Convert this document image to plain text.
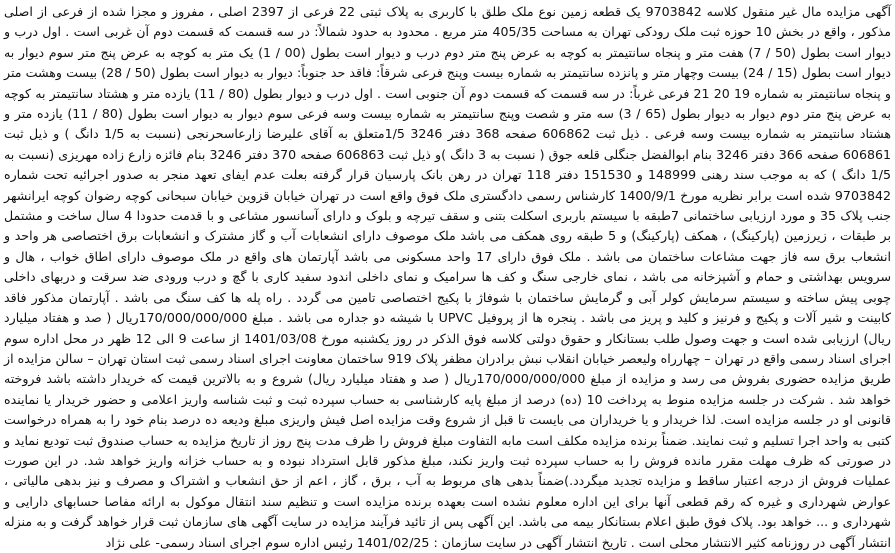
آگهی مزایده مال غیر منقول کلاسه 9703842 یک قطعه زمین نوع ملک طلق با کاربری به پلاک ثبتی 22 فرعی از 2397 اصلی ، مفروز و مجزا شده از فرعی از اصلی مذکور ، واقع در بخش 10 حوزه ثبت ملک رودکی تهران به مساحت 405/35 متر مربع . محدود به حدود شمالاً: در سه قسمت که قسمت دوم آن غربی است . اول درب و دیوار است بطول (50 / 7) هفت متر و پنجاه سانتیمتر به کوچه به عرض پنج متر دوم درب و دیوار است بطول (00 / 1) یک متر به کوچه به عرض پنج متر سوم دیوار به دیوار است بطول (15 / 24) بیست وچهار متر و پانزده سانتیمتر به شماره بیست وپنج فرعی شرقاً: فاقد حد جنوباً: دیوار به دیوار است بطول (50 / 28) بیست وهشت متر و پنجاه سانتیمتر به شماره 19 20 21 فرعی غرباً: در سه قسمت که قسمت دوم آن جنوبی است . اول درب و دیوار بطول (80 / 11) یازده متر و هشتاد سانتیمتر به کوچه به عرض پنج متر دوم دیوار به دیوار بطول (65 / 3) سه متر و شصت وپنج سانتیمتر به شماره بیست وسه فرعی سوم دیوار به دیوار است بطول (80 / 11) یازده متر و هشتاد سانتیمتر به شماره بیست وسه فرعی . ذیل ثبت 606862 صفحه 368 دفتر 3246 1/5متعلق به آقای علیرضا زارعاسحرنجی (نسبت به 1/5 دانگ ) و ذیل ثبت 606861 صفحه 366 دفتر 3246 بنام ابوالفضل جنگلی قلعه جوق ( نسبت به 3 دانگ )و ذیل ثبت 606863 صفحه 370 دفتر 3246 بنام فائزه زارع زاده مهریزی (نسبت به 1/5 دانگ ) که به موجب سند رهنی 148999 و 151530 دفتر 118 تهران در رهن بانک پارسیان قرار گرفته بعلت عدم ایفای تعهد منجر به صدور اجرائیه تحت شماره 9703842 شده است برابر نظریه مورخ 1400/9/1 کارشناس رسمی دادگستری ملک فوق واقع است در تهران خیابان قزوین خیابان سبحانی کوچه رضوان کوچه ایرانشهر جنب پلاک 35 و مورد ارزیابی ساختمانی 7طبقه با سیستم باربری اسکلت بتنی و سقف تیرچه و بلوک و دارای آسانسور مشاعی و با قدمت حدودا 4 سال ساخت و مشتمل بر طبقات ، زیرزمین (پارکینگ) ، همکف (پارکینگ) و 5 طبقه روی همکف می باشد ملک موصوف دارای انشعابات آب و گاز مشترک و انشعابات برق اختصاصی هر واحد و انشعاب برق سه فاز جهت مشاعات ساختمان می باشد . ملک فوق دارای 17 واحد مسکونی می باشد آپارتمان های واقع در ملک موصوف دارای اطاق خواب ، هال و سرویس بهداشتی و حمام و آشپزخانه می باشد ، نمای خارجی سنگ و کف ها سرامیک و نمای داخلی اندود سفید کاری با گچ و درب ورودی ضد سرقت و دربهای داخلی چوبی پیش ساخته و سیستم سرمایش کولر آبی و گرمایش ساختمان با شوفاژ با پکیج اختصاصی تامین می گردد . راه پله ها کف سنگ می باشد . آپارتمان مذکور فاقد کابینت و شیر آلات و پکیج و فرنیز و کلید و پریز می باشد . پنجره ها از پروفیل UPVC با شیشه دو جداره می باشد . مبلغ 170/000/000/000ریال ( صد و هفتاد میلیارد ریال) ارزیابی شده است و جهت وصول طلب بستانکار و حقوق دولتی کلاسه فوق الذکر در روز یکشنبه مورخ 1401/03/08 از ساعت 9 الی 12 ظهر در محل اداره سوم اجرای اسناد رسمی واقع در تهران – چهارراه ولیعصر خیابان انقلاب نبش برادران مظفر پلاک 919 ساختمان معاونت اجرای اسناد رسمی ثبت استان تهران – سالن مزایده از طریق مزایده حضوری بفروش می رسد و مزایده از مبلغ 170/000/000/000ریال ( صد و هفتاد میلیارد ریال) شروع و به بالاترین قیمت که خریدار داشته باشد فروخته خواهد شد . شرکت در جلسه مزایده منوط به پرداخت 10 (ده) درصد از مبلغ پایه کارشناسی به حساب سپرده ثبت و ثبت شناسه واریز اعلامی و حضور خریدار یا نماینده قانونی او در جلسه مزایده است. لذا خریدار و یا خریداران می بایست تا قبل از شروع وقت مزایده اصل فیش واریزی مبلغ ودیعه ده درصد بنام خود را به همراه درخواست کتبی به واحد اجرا تسلیم و ثبت نمایند. ضمناً برنده مزایده مکلف است مابه التفاوت مبلغ فروش را ظرف مدت پنج روز از تاریخ مزایده به حساب صندوق ثبت تودیع نماید و در صورتی که ظرف مهلت مقرر مانده فروش را به حساب سپرده ثبت واریز نکند، مبلغ مذکور قابل استرداد نبوده و به حساب خزانه واریز خواهد شد. در این صورت عملیات فروش از درجه اعتبار ساقط و مزایده تجدید میگردد.)ضمناً بدهی های مربوط به آب ، برق ، گاز ، اعم از حق انشعاب و اشتراک و مصرف و نیز بدهی مالیاتی ، عوارض شهرداری و غیره که رقم قطعی آنها برای این اداره معلوم نشده است بعهده برنده مزایده است و تنظیم سند انتقال موکول به ارائه مفاصا حسابهای دارایی و شهرداری و ... خواهد بود. پلاک فوق طبق اعلام بستانکار بیمه می باشد. این آگهی پس از تائید فرآیند مزایده در سایت آگهی های سازمان ثبت قرار خواهد گرفت و به منزله انتشار آگهی در روزنامه کثیر الانتشار محلی است . تاریخ انتشار آگهی در سایت سازمان : 1401/02/25 رئیس اداره سوم اجرای اسناد رسمی- علی نژاد
